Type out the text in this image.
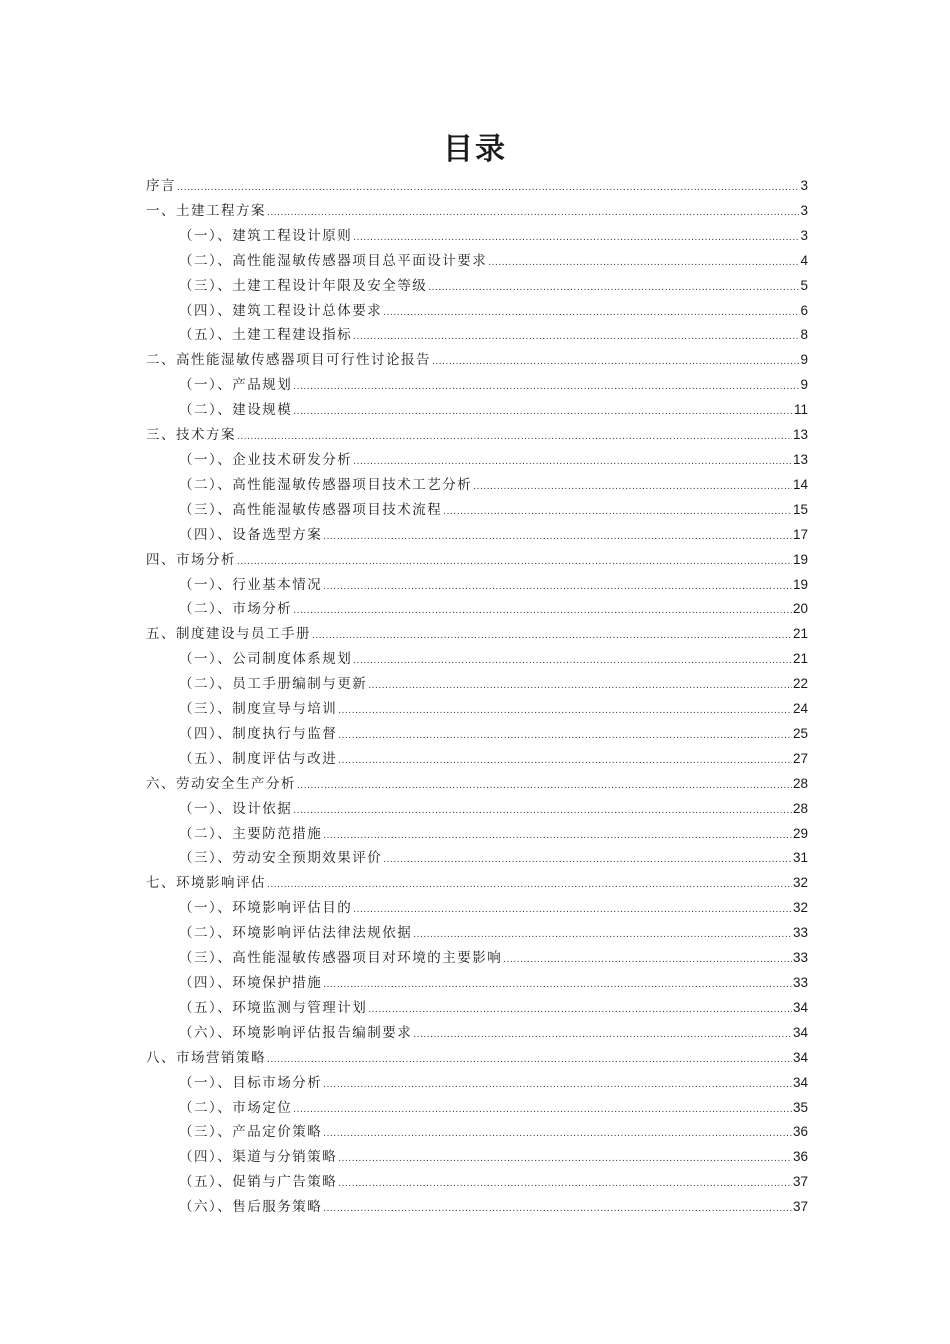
目录
序言 .....	3
一、土建工程方案 .....	3
（一）、建筑工程设计原则 .....	3
（二）、高性能湿敏传感器项目总平面设计要求 .....	4
（三）、土建工程设计年限及安全等级 .....	5
（四）、建筑工程设计总体要求 .....	6
（五）、土建工程建设指标 .....	8
二、高性能湿敏传感器项目可行性讨论报告 .....	9
（一）、产品规划 .....	9
（二）、建设规模 .....	11
三、技术方案 .....	13
（一）、企业技术研发分析 .....	13
（二）、高性能湿敏传感器项目技术工艺分析 .....	14
（三）、高性能湿敏传感器项目技术流程 .....	15
（四）、设备选型方案 .....	17
四、市场分析 .....	19
（一）、行业基本情况 .....	19
（二）、市场分析 .....	20
五、制度建设与员工手册 .....	21
（一）、公司制度体系规划 .....	21
（二）、员工手册编制与更新 .....	22
（三）、制度宣导与培训 .....	24
（四）、制度执行与监督 .....	25
（五）、制度评估与改进 .....	27
六、劳动安全生产分析 .....	28
（一）、设计依据 .....	28
（二）、主要防范措施 .....	29
（三）、劳动安全预期效果评价 .....	31
七、环境影响评估 .....	32
（一）、环境影响评估目的 .....	32
（二）、环境影响评估法律法规依据 .....	33
（三）、高性能湿敏传感器项目对环境的主要影响 .....	33
（四）、环境保护措施 .....	33
（五）、环境监测与管理计划 .....	34
（六）、环境影响评估报告编制要求 .....	34
八、市场营销策略 .....	34
（一）、目标市场分析 .....	34
（二）、市场定位 .....	35
（三）、产品定价策略 .....	36
（四）、渠道与分销策略 .....	36
（五）、促销与广告策略 .....	37
（六）、售后服务策略 .....	37
